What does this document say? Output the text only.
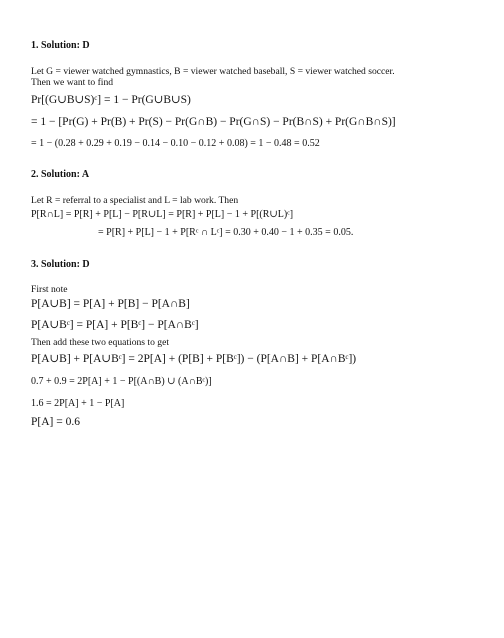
1. Solution: D
Let G = viewer watched gymnastics, B = viewer watched baseball, S = viewer watched soccer.
Then we want to find
Pr[(G∪B∪S)ᶜ] = 1 − Pr(G∪B∪S)
= 1 − [Pr(G) + Pr(B) + Pr(S) − Pr(G∩B) − Pr(G∩S) − Pr(B∩S) + Pr(G∩B∩S)]
= 1 − (0.28 + 0.29 + 0.19 − 0.14 − 0.10 − 0.12 + 0.08) = 1 − 0.48 = 0.52
2. Solution: A
Let R = referral to a specialist and L = lab work. Then
P[R∩L] = P[R] + P[L] − P[R∪L] = P[R] + P[L] − 1 + P[(R∪L)ᶜ]
= P[R] + P[L] − 1 + P[Rᶜ ∩ Lᶜ] = 0.30 + 0.40 − 1 + 0.35 = 0.05.
3. Solution: D
First note
P[A∪B] = P[A] + P[B] − P[A∩B]
P[A∪Bᶜ] = P[A] + P[Bᶜ] − P[A∩Bᶜ]
Then add these two equations to get
P[A∪B] + P[A∪Bᶜ] = 2P[A] + (P[B] + P[Bᶜ]) − (P[A∩B] + P[A∩Bᶜ])
0.7 + 0.9 = 2P[A] + 1 − P[(A∩B) ∪ (A∩Bᶜ)]
1.6 = 2P[A] + 1 − P[A]
P[A] = 0.6
